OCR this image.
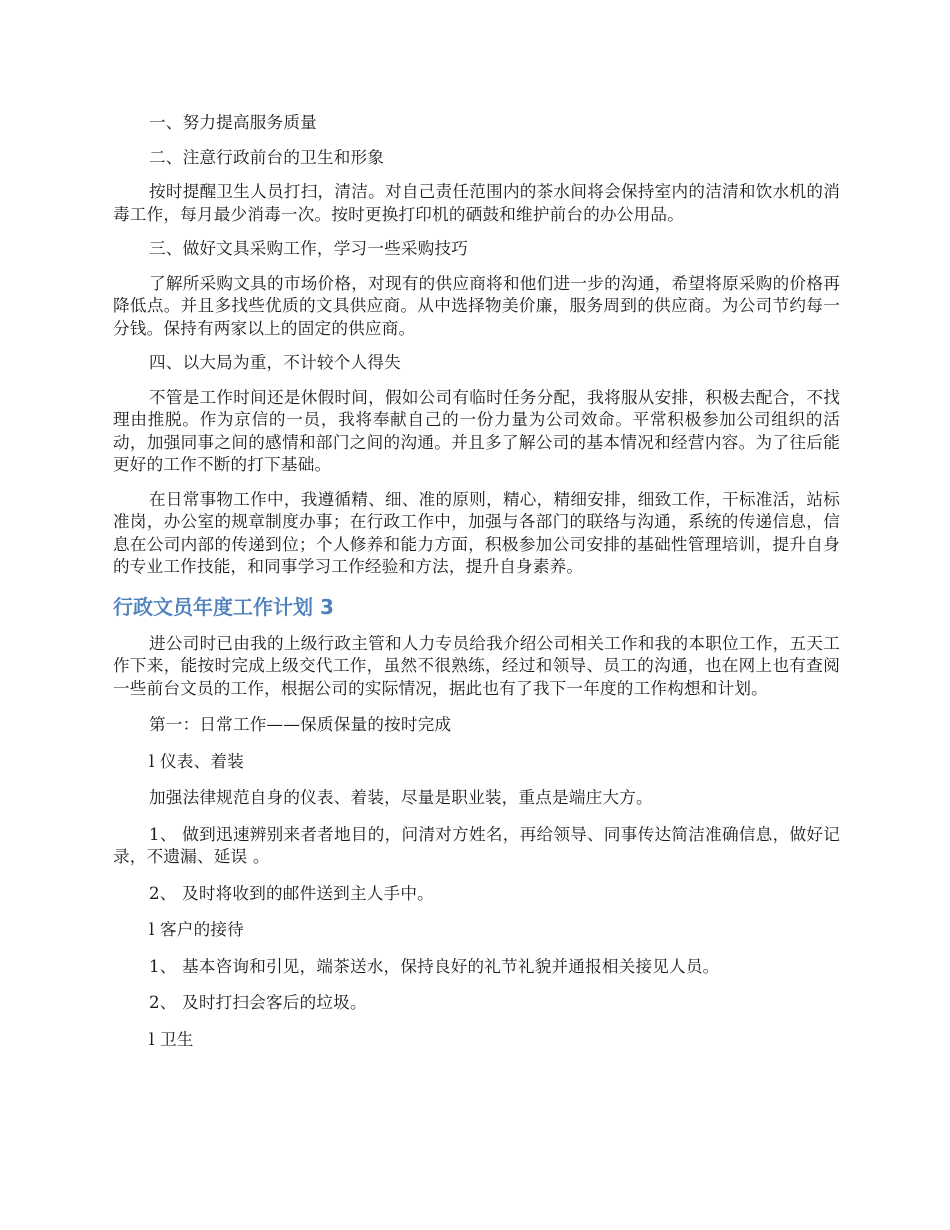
一、努力提高服务质量

二、注意行政前台的卫生和形象

按时提醒卫生人员打扫，清洁。对自己责任范围内的茶水间将会保持室内的洁清和饮水机的消毒工作，每月最少消毒一次。按时更换打印机的硒鼓和维护前台的办公用品。

三、做好文具采购工作，学习一些采购技巧

了解所采购文具的市场价格，对现有的供应商将和他们进一步的沟通，希望将原采购的价格再降低点。并且多找些优质的文具供应商。从中选择物美价廉，服务周到的供应商。为公司节约每一分钱。保持有两家以上的固定的供应商。

四、以大局为重，不计较个人得失

不管是工作时间还是休假时间，假如公司有临时任务分配，我将服从安排，积极去配合，不找理由推脱。作为京信的一员，我将奉献自己的一份力量为公司效命。平常积极参加公司组织的活动，加强同事之间的感情和部门之间的沟通。并且多了解公司的基本情况和经营内容。为了往后能更好的工作不断的打下基础。

在日常事物工作中，我遵循精、细、准的原则，精心，精细安排，细致工作，干标准活，站标准岗，办公室的规章制度办事；在行政工作中，加强与各部门的联络与沟通，系统的传递信息，信息在公司内部的传递到位；个人修养和能力方面，积极参加公司安排的基础性管理培训，提升自身的专业工作技能，和同事学习工作经验和方法，提升自身素养。

行政文员年度工作计划 3

进公司时已由我的上级行政主管和人力专员给我介绍公司相关工作和我的本职位工作，五天工作下来，能按时完成上级交代工作，虽然不很熟练，经过和领导、员工的沟通，也在网上也有查阅一些前台文员的工作，根据公司的实际情况，据此也有了我下一年度的工作构想和计划。

第一：日常工作——保质保量的按时完成

l 仪表、着装

加强法律规范自身的仪表、着装，尽量是职业装，重点是端庄大方。

1、 做到迅速辨别来者者地目的，问清对方姓名，再给领导、同事传达简洁准确信息，做好记录，不遗漏、延误 。

2、 及时将收到的邮件送到主人手中。

l 客户的接待

1、 基本咨询和引见，端茶送水，保持良好的礼节礼貌并通报相关接见人员。

2、 及时打扫会客后的垃圾。

l 卫生
